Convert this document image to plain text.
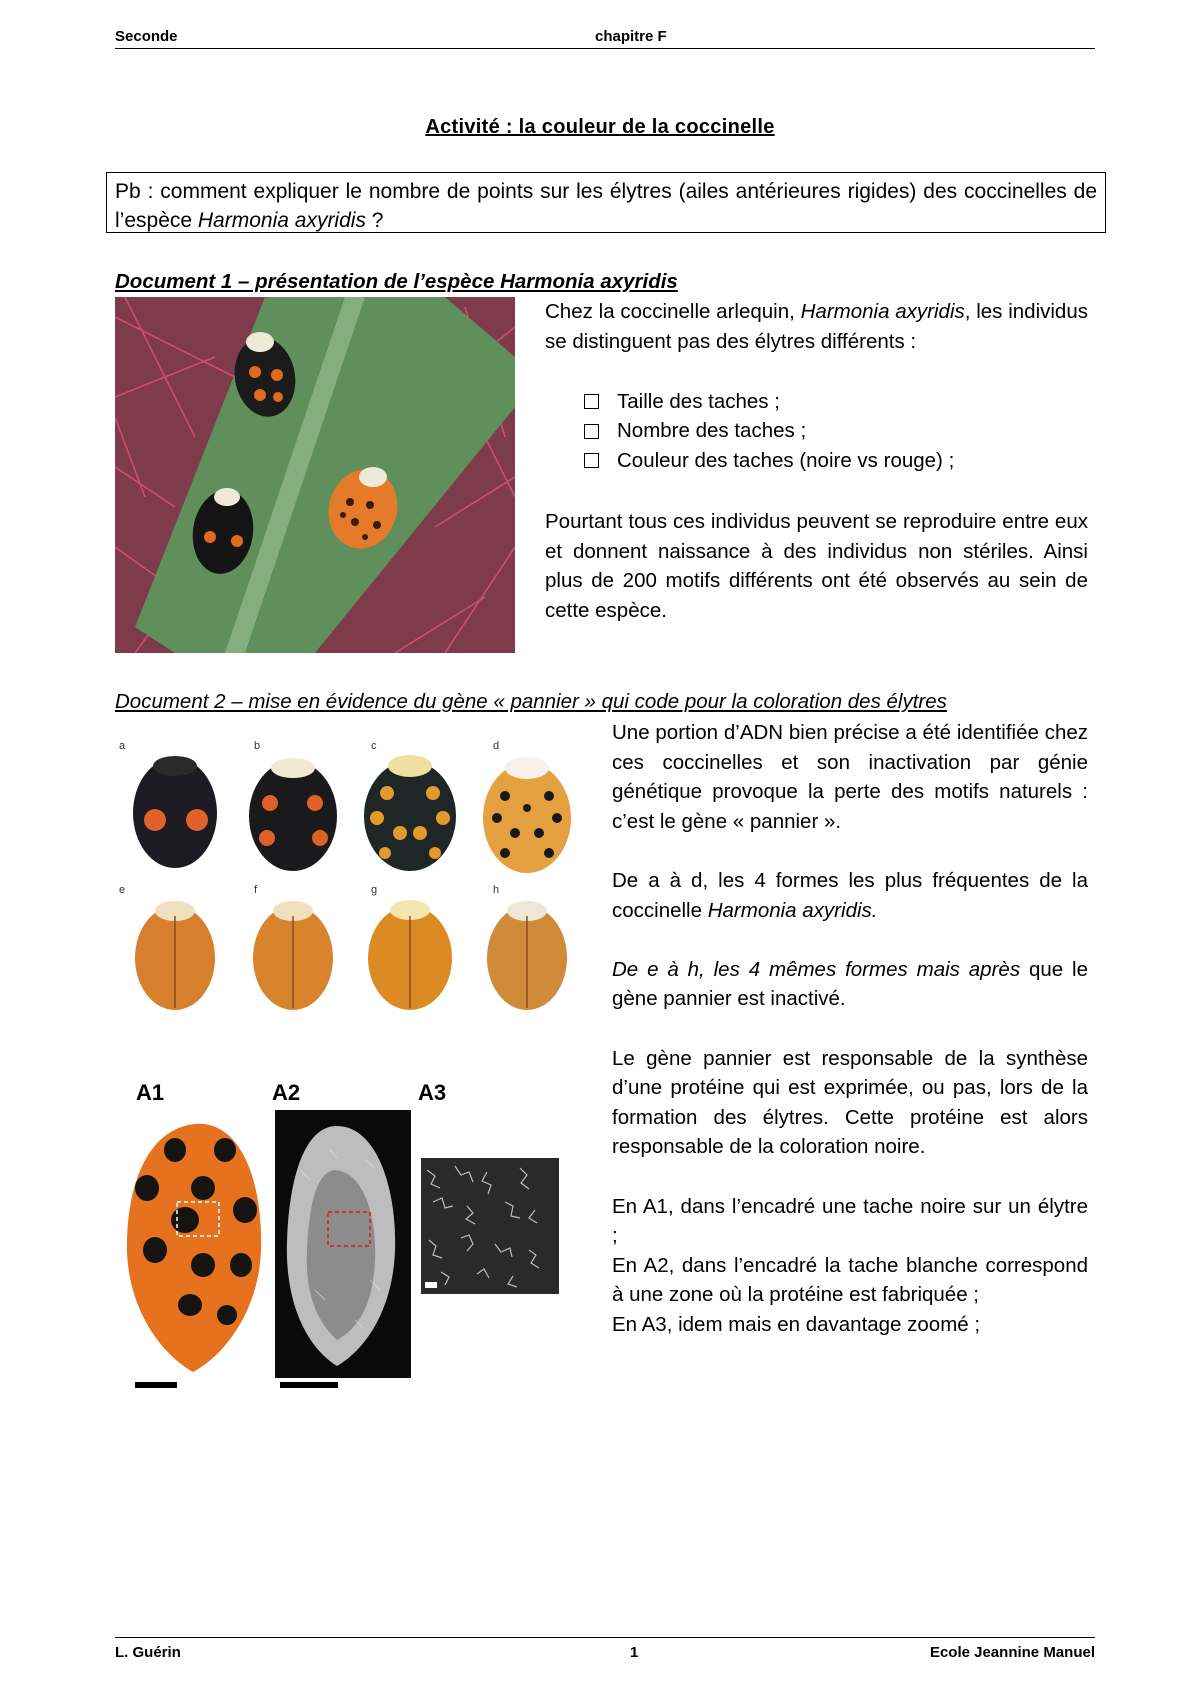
Seconde	chapitre F
Activité : la couleur de la coccinelle
Pb : comment expliquer le nombre de points sur les élytres (ailes antérieures rigides) des coccinelles de l’espèce Harmonia axyridis ?
Document 1 – présentation de l’espèce Harmonia axyridis

Chez la coccinelle arlequin, Harmonia axyridis, les individus se distinguent pas des élytres différents :

Taille des taches ;
Nombre des taches ;
Couleur des taches (noire vs rouge) ;
Pourtant tous ces individus peuvent se reproduire entre eux et donnent naissance à des individus non stériles. Ainsi plus de 200 motifs différents ont été observés au sein de cette espèce.
Document 2 – mise en évidence du gène « pannier » qui code pour la coloration des élytres
a	b	c	d
e	f	g	h
A1	A2	A3

Une portion d’ADN bien précise a été identifiée chez ces coccinelles et son inactivation par génie génétique provoque la perte des motifs naturels : c’est le gène « pannier ».

De a à d, les 4 formes les plus fréquentes de la coccinelle Harmonia axyridis.

De e à h, les 4 mêmes formes mais après que le gène pannier est inactivé.

Le gène pannier est responsable de la synthèse d’une protéine qui est exprimée, ou pas, lors de la formation des élytres. Cette protéine est alors responsable de la coloration noire.

En A1, dans l’encadré une tache noire sur un élytre ;

En A2, dans l’encadré la tache blanche correspond à une zone où la protéine est fabriquée ;

En A3, idem mais en davantage zoomé ;

L. Guérin	1	Ecole Jeannine Manuel
